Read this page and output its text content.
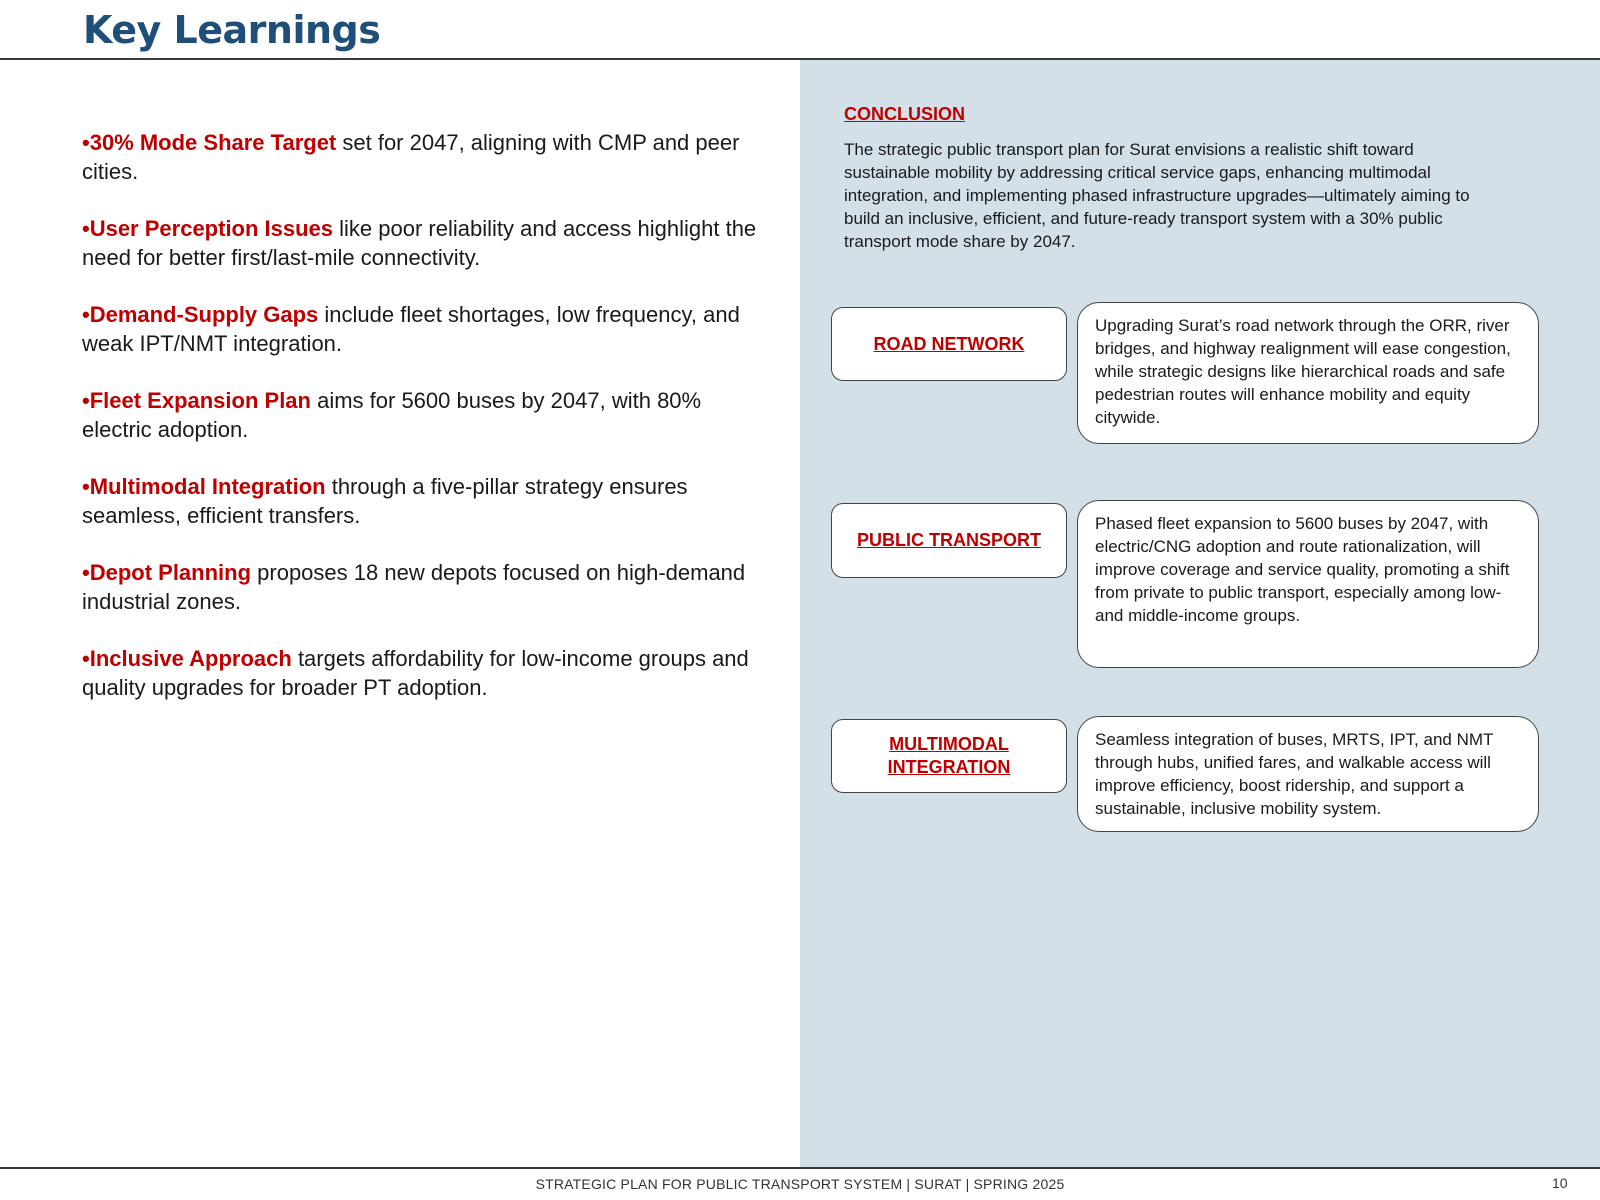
Key Learnings
•30% Mode Share Target set for 2047, aligning with CMP and peer cities.
•User Perception Issues like poor reliability and access highlight the need for better first/last-mile connectivity.
•Demand-Supply Gaps include fleet shortages, low frequency, and weak IPT/NMT integration.
•Fleet Expansion Plan aims for 5600 buses by 2047, with 80% electric adoption.
•Multimodal Integration through a five-pillar strategy ensures seamless, efficient transfers.
•Depot Planning proposes 18 new depots focused on high-demand industrial zones.
•Inclusive Approach targets affordability for low-income groups and quality upgrades for broader PT adoption.
CONCLUSION
The strategic public transport plan for Surat envisions a realistic shift toward sustainable mobility by addressing critical service gaps, enhancing multimodal integration, and implementing phased infrastructure upgrades—ultimately aiming to build an inclusive, efficient, and future-ready transport system with a 30% public transport mode share by 2047.
ROAD NETWORK
Upgrading Surat’s road network through the ORR, river bridges, and highway realignment will ease congestion, while strategic designs like hierarchical roads and safe pedestrian routes will enhance mobility and equity citywide.
PUBLIC TRANSPORT
Phased fleet expansion to 5600 buses by 2047, with electric/CNG adoption and route rationalization, will improve coverage and service quality, promoting a shift from private to public transport, especially among low- and middle-income groups.
MULTIMODAL INTEGRATION
Seamless integration of buses, MRTS, IPT, and NMT through hubs, unified fares, and walkable access will improve efficiency, boost ridership, and support a sustainable, inclusive mobility system.
STRATEGIC PLAN FOR PUBLIC TRANSPORT SYSTEM | SURAT | SPRING 2025	10
